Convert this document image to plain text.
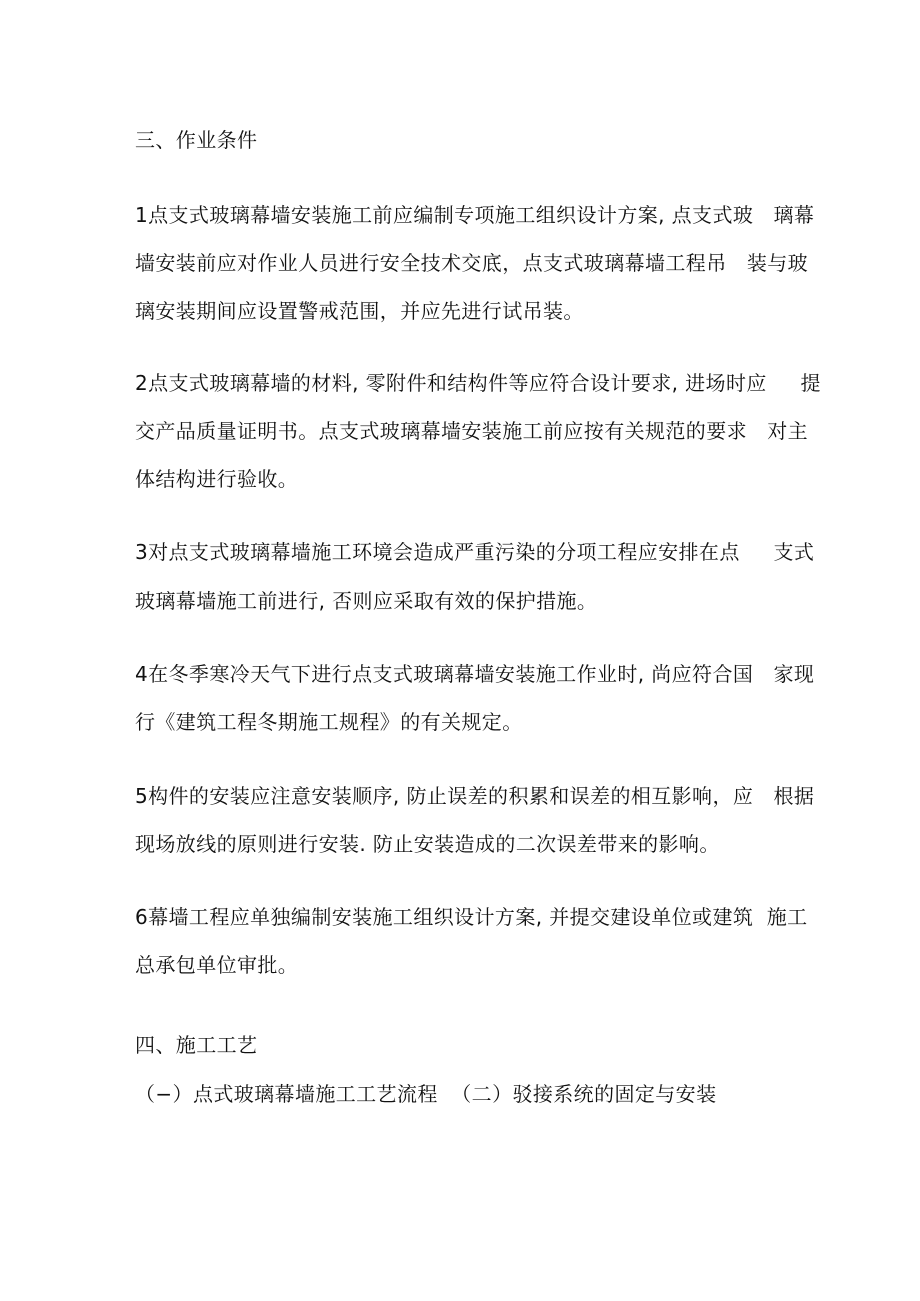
三、作业条件
1点支式玻璃幕墙安装施工前应编制专项施工组织设计方案, 点支式玻   璃幕
墙安装前应对作业人员进行安全技术交底，点支式玻璃幕墙工程吊   装与玻
璃安装期间应设置警戒范围，并应先进行试吊装。
2点支式玻璃幕墙的材料, 零附件和结构件等应符合设计要求, 进场时应     提
交产品质量证明书。点支式玻璃幕墙安装施工前应按有关规范的要求   对主
体结构进行验收。
3对点支式玻璃幕墙施工环境会造成严重污染的分项工程应安排在点     支式
玻璃幕墙施工前进行, 否则应采取有效的保护措施。
4在冬季寒冷天气下进行点支式玻璃幕墙安装施工作业时, 尚应符合国   家现
行《建筑工程冬期施工规程》的有关规定。
5构件的安装应注意安装顺序, 防止误差的积累和误差的相互影响，应   根据
现场放线的原则进行安装. 防止安装造成的二次误差带来的影响。
6幕墙工程应单独编制安装施工组织设计方案, 并提交建设单位或建筑  施工
总承包单位审批。
四、施工工艺
（−）点式玻璃幕墙施工工艺流程  （二）驳接系统的固定与安装
